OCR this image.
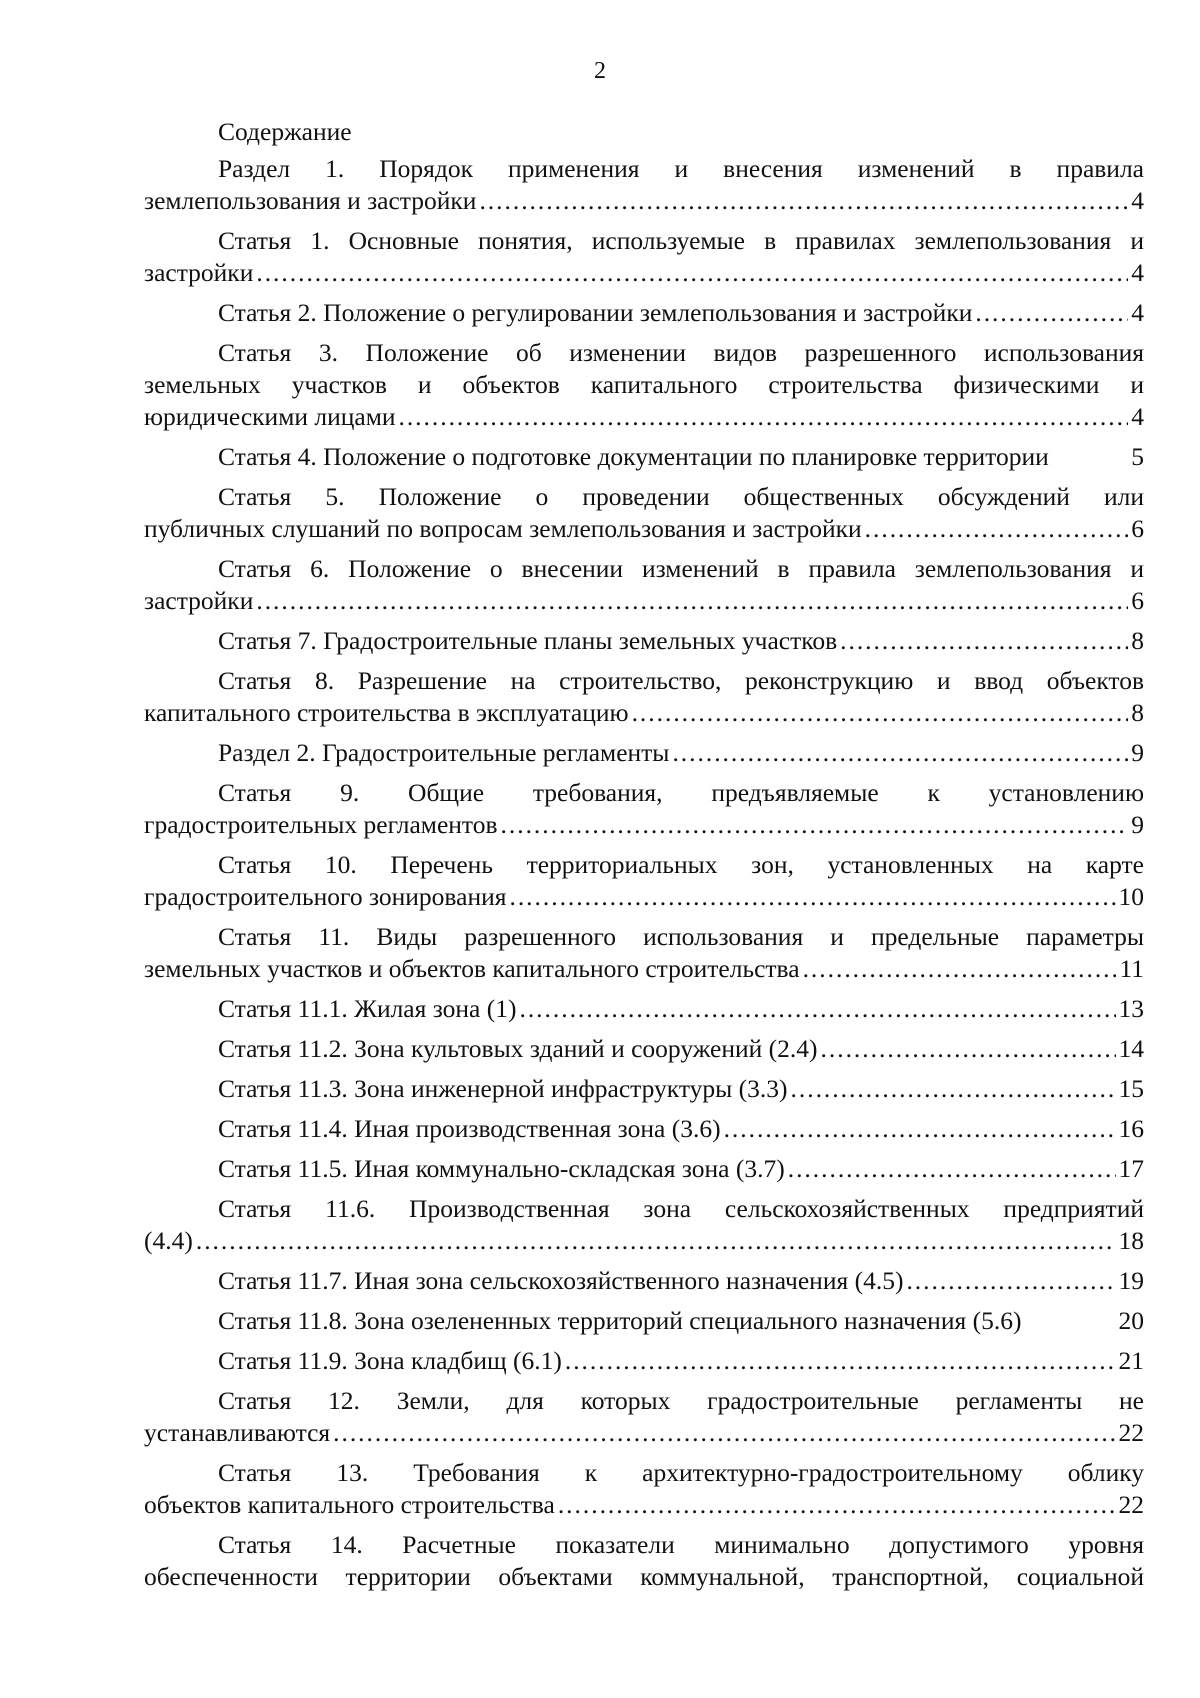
2
Содержание
Раздел 1. Порядок применения и внесения изменений в правила
землепользования и застройки . . .	4
Статья 1. Основные понятия, используемые в правилах землепользования и
застройки . . .	4
Статья 2. Положение о регулировании землепользования и застройки . . .	4
Статья 3. Положение об изменении видов разрешенного использования
земельных участков и объектов капитального строительства физическими и
юридическими лицами . . .	4
Статья 4. Положение о подготовке документации по планировке территории	5
Статья 5. Положение о проведении общественных обсуждений или
публичных слушаний по вопросам землепользования и застройки . . .	6
Статья 6. Положение о внесении изменений в правила землепользования и
застройки . . .	6
Статья 7. Градостроительные планы земельных участков . . .	8
Статья 8. Разрешение на строительство, реконструкцию и ввод объектов
капитального строительства в эксплуатацию . . .	8
Раздел 2. Градостроительные регламенты . . .	9
Статья 9. Общие требования, предъявляемые к установлению
градостроительных регламентов . . .	9
Статья 10. Перечень территориальных зон, установленных на карте
градостроительного зонирования . . .	10
Статья 11. Виды разрешенного использования и предельные параметры
земельных участков и объектов капитального строительства . . .	11
Статья 11.1. Жилая зона (1) . . .	13
Статья 11.2. Зона культовых зданий и сооружений (2.4) . . .	14
Статья 11.3. Зона инженерной инфраструктуры (3.3) . . .	15
Статья 11.4. Иная производственная зона (3.6) . . .	16
Статья 11.5. Иная коммунально-складская зона (3.7) . . .	17
Статья 11.6. Производственная зона сельскохозяйственных предприятий
(4.4) . . .	18
Статья 11.7. Иная зона сельскохозяйственного назначения (4.5) . . .	19
Статья 11.8. Зона озелененных территорий специального назначения (5.6)	20
Статья 11.9. Зона кладбищ (6.1) . . .	21
Статья 12. Земли, для которых градостроительные регламенты не
устанавливаются . . .	22
Статья 13. Требования к архитектурно-градостроительному облику
объектов капитального строительства . . .	22
Статья 14. Расчетные показатели минимально допустимого уровня
обеспеченности территории объектами коммунальной, транспортной, социальной
